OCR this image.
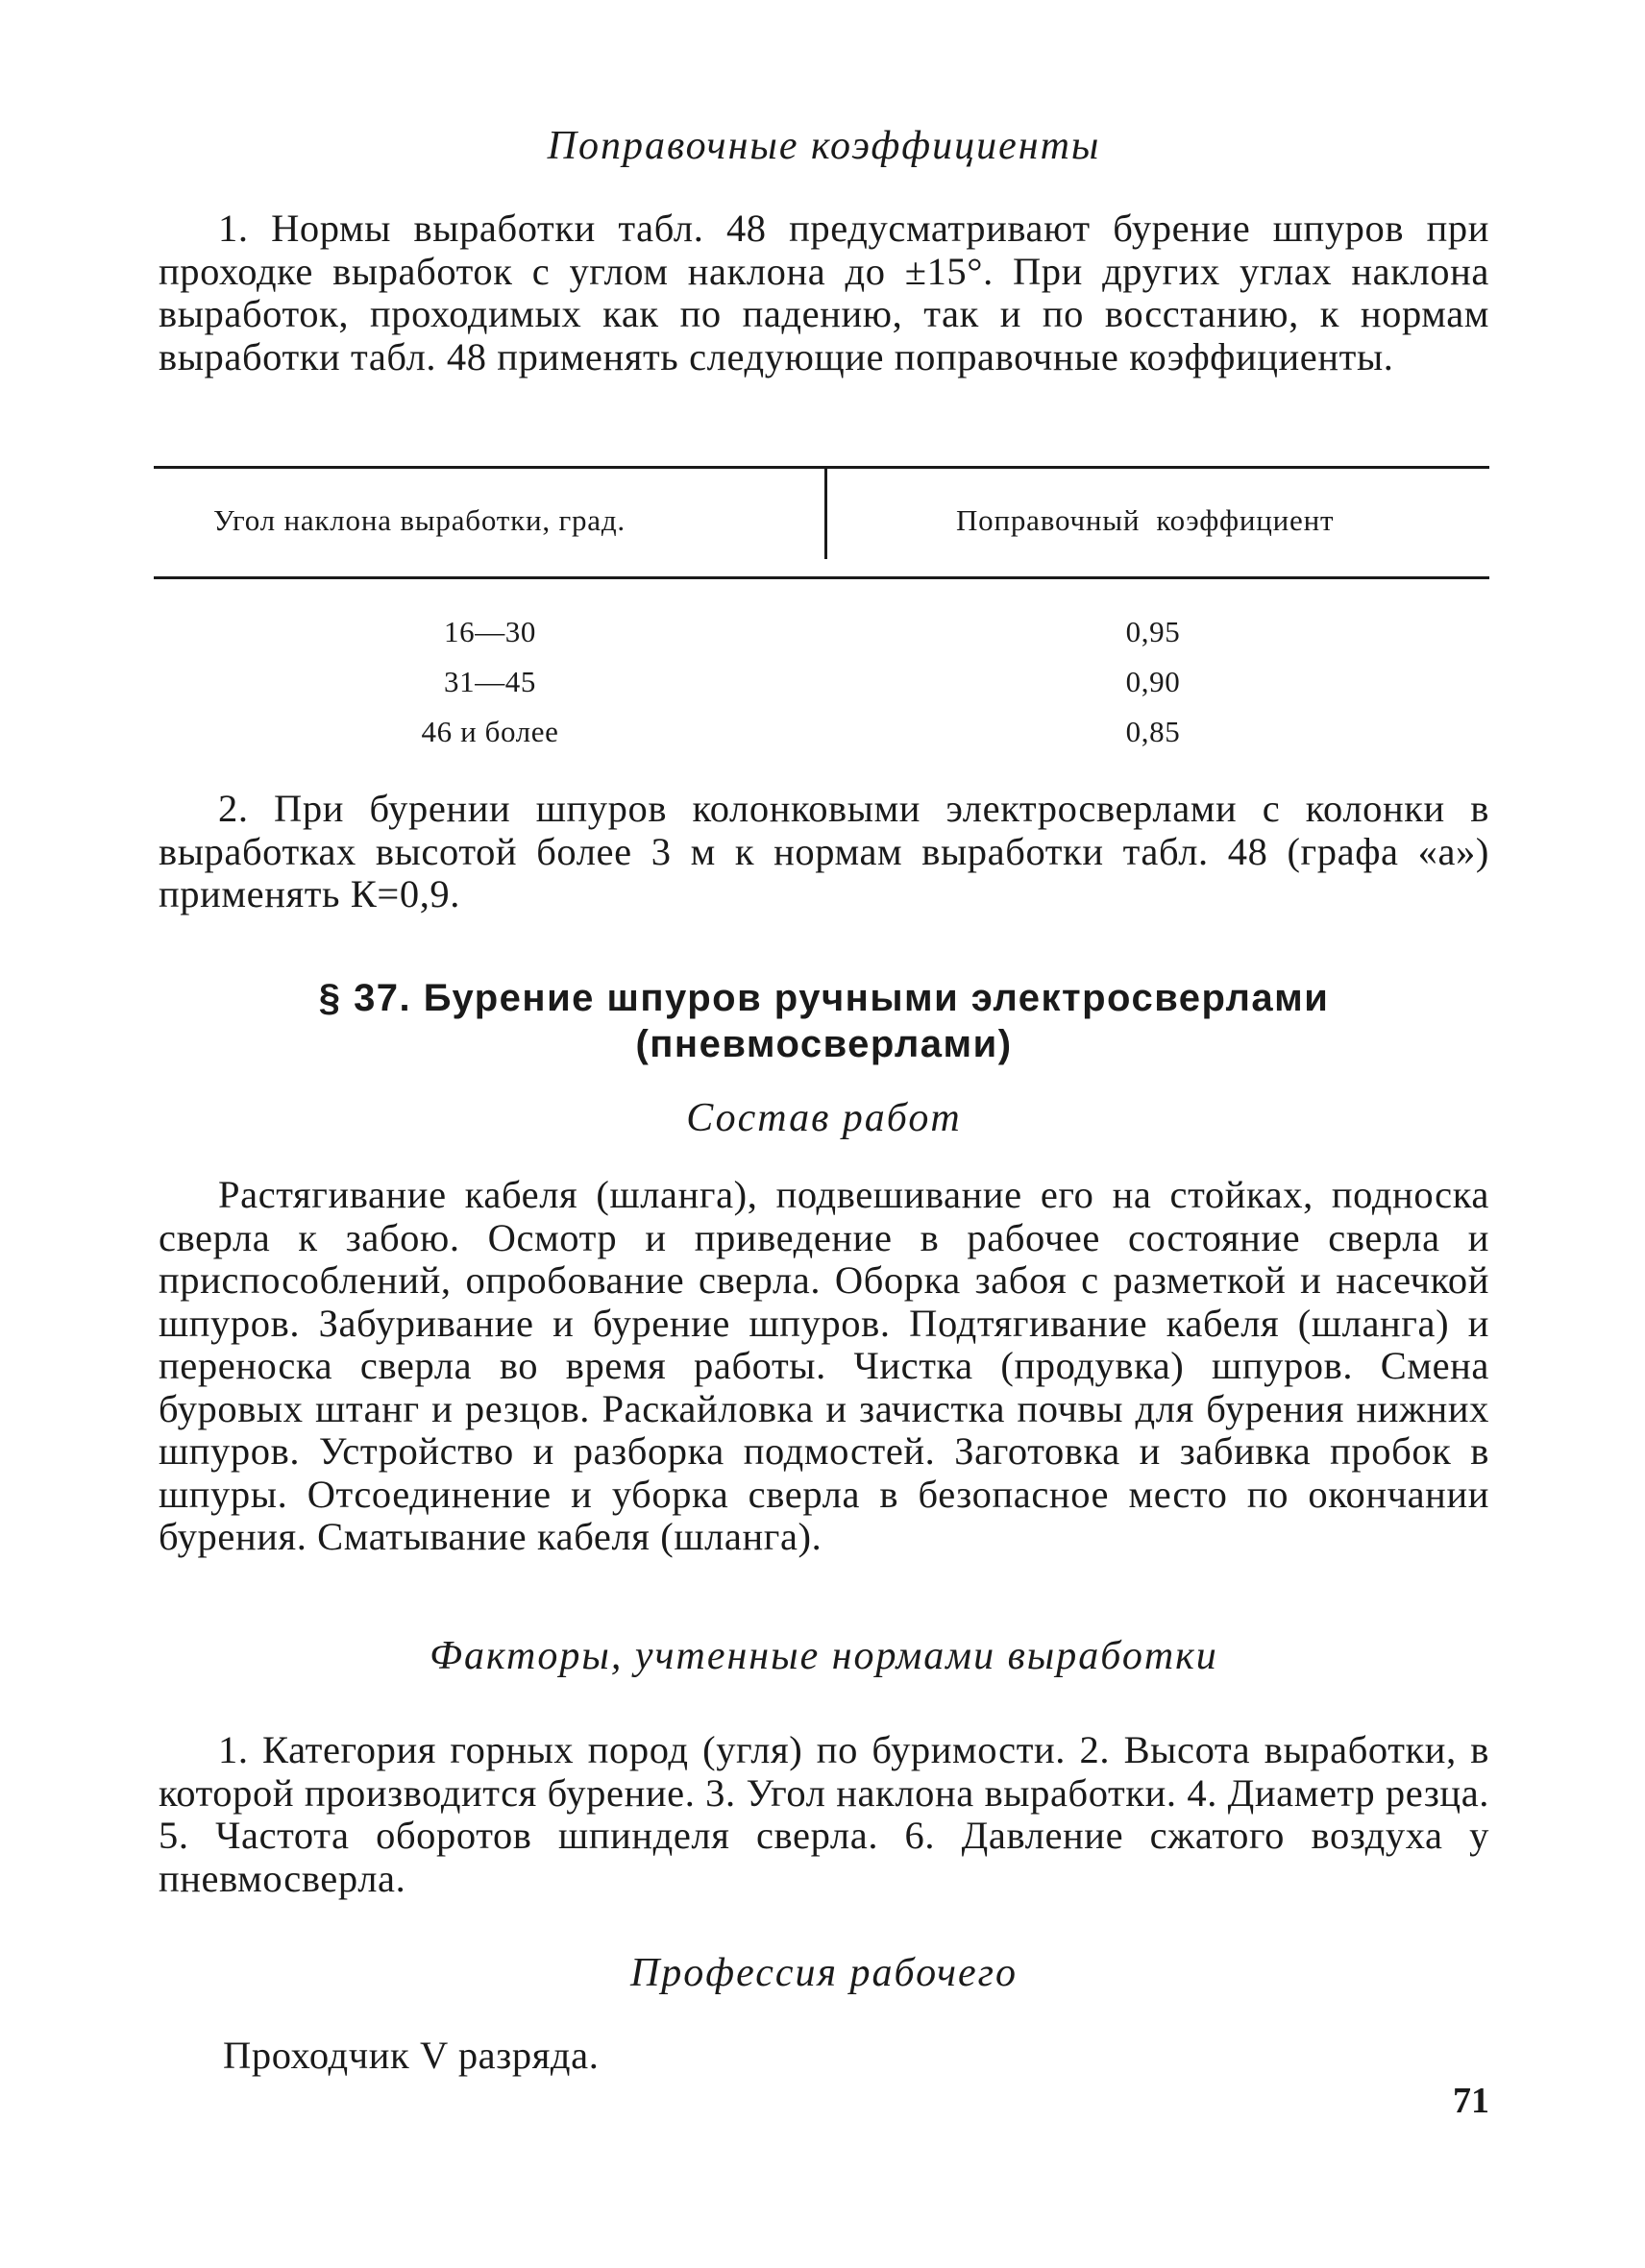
Поправочные коэффициенты

1. Нормы выработки табл. 48 предусматривают бурение шпуров при проходке выработок с углом наклона до ±15°. При других углах наклона выработок, проходимых как по падению, так и по восстанию, к нормам выработки табл. 48 применять следующие поправочные коэффициенты.

Угол наклона выработки, град.	Поправочный  коэффициент
16—30	0,95
31—45	0,90
46 и более	0,85

2. При бурении шпуров колонковыми электросверлами с колонки в выработках высотой более 3 м к нормам выработки табл. 48 (графа «а») применять К=0,9.

§ 37. Бурение шпуров ручными электросверлами
(пневмосверлами)
Состав работ

Растягивание кабеля (шланга), подвешивание его на стойках, подноска сверла к забою. Осмотр и приведение в рабочее состояние сверла и приспособлений, опробование сверла. Оборка забоя с разметкой и насечкой шпуров. Забуривание и бурение шпуров. Подтягивание кабеля (шланга) и переноска сверла во время работы. Чистка (продувка) шпуров. Смена буровых штанг и резцов. Раскайловка и зачистка почвы для бурения нижних шпуров. Устройство и разборка подмостей. Заготовка и забивка пробок в шпуры. Отсоединение и уборка сверла в безопасное место по окончании бурения. Сматывание кабеля (шланга).

Факторы, учтенные нормами выработки

1. Категория горных пород (угля) по буримости. 2. Высота выработки, в которой производится бурение. 3. Угол наклона выработки. 4. Диаметр резца. 5. Частота оборотов шпинделя сверла. 6. Давление сжатого воздуха у пневмосверла.

Профессия рабочего
Проходчик V разряда.
71
